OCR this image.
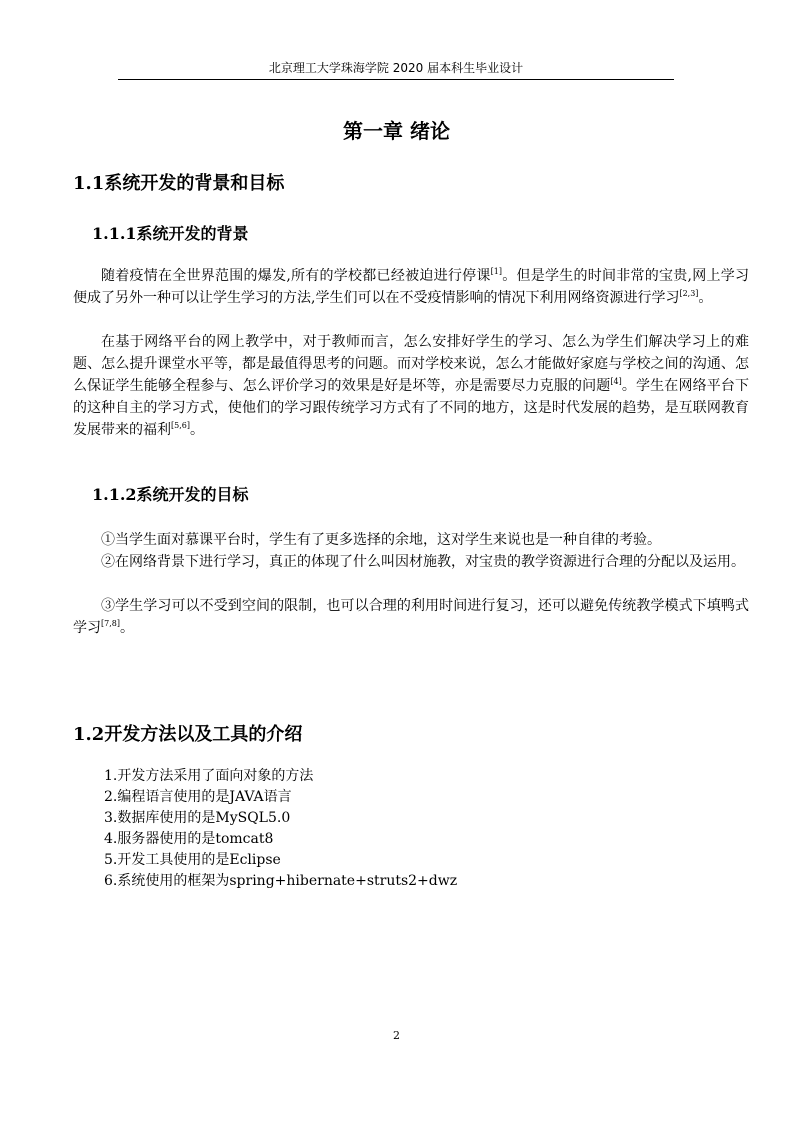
北京理工大学珠海学院 2020 届本科生毕业设计
第一章 绪论
1.1系统开发的背景和目标
1.1.1系统开发的背景

随着疫情在全世界范围的爆发,所有的学校都已经被迫进行停课[1]。但是学生的时间非常的宝贵,网上学习便成了另外一种可以让学生学习的方法,学生们可以在不受疫情影响的情况下利用网络资源进行学习[2,3]。

在基于网络平台的网上教学中，对于教师而言，怎么安排好学生的学习、怎么为学生们解决学习上的难题、怎么提升课堂水平等，都是最值得思考的问题。而对学校来说，怎么才能做好家庭与学校之间的沟通、怎么保证学生能够全程参与、怎么评价学习的效果是好是坏等，亦是需要尽力克服的问题[4]。学生在网络平台下的这种自主的学习方式，使他们的学习跟传统学习方式有了不同的地方，这是时代发展的趋势，是互联网教育发展带来的福利[5,6]。

1.1.2系统开发的目标

①当学生面对慕课平台时，学生有了更多选择的余地，这对学生来说也是一种自律的考验。

②在网络背景下进行学习，真正的体现了什么叫因材施教，对宝贵的教学资源进行合理的分配以及运用。

③学生学习可以不受到空间的限制，也可以合理的利用时间进行复习，还可以避免传统教学模式下填鸭式学习[7,8]。

1.2开发方法以及工具的介绍
1.开发方法采用了面向对象的方法
2.编程语言使用的是JAVA语言
3.数据库使用的是MySQL5.0
4.服务器使用的是tomcat8
5.开发工具使用的是Eclipse
6.系统使用的框架为spring+hibernate+struts2+dwz
2
